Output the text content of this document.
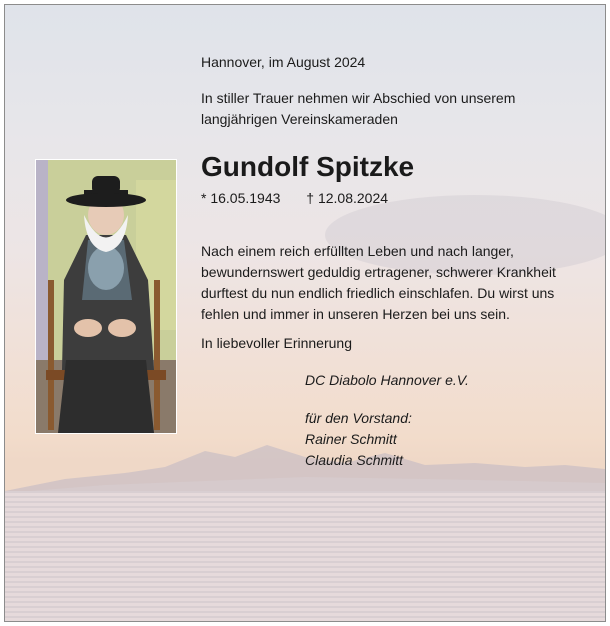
Hannover, im August 2024
In stiller Trauer nehmen wir Abschied von unserem
langjährigen Vereinskameraden
Gundolf Spitzke
* 16.05.1943 † 12.08.2024
Nach einem reich erfüllten Leben und nach langer,
bewundernswert geduldig ertragener, schwerer Krankheit
durftest du nun endlich friedlich einschlafen. Du wirst uns
fehlen und immer in unseren Herzen bei uns sein.
In liebevoller Erinnerung
DC Diabolo Hannover e.V.
für den Vorstand:
Rainer Schmitt
Claudia Schmitt
